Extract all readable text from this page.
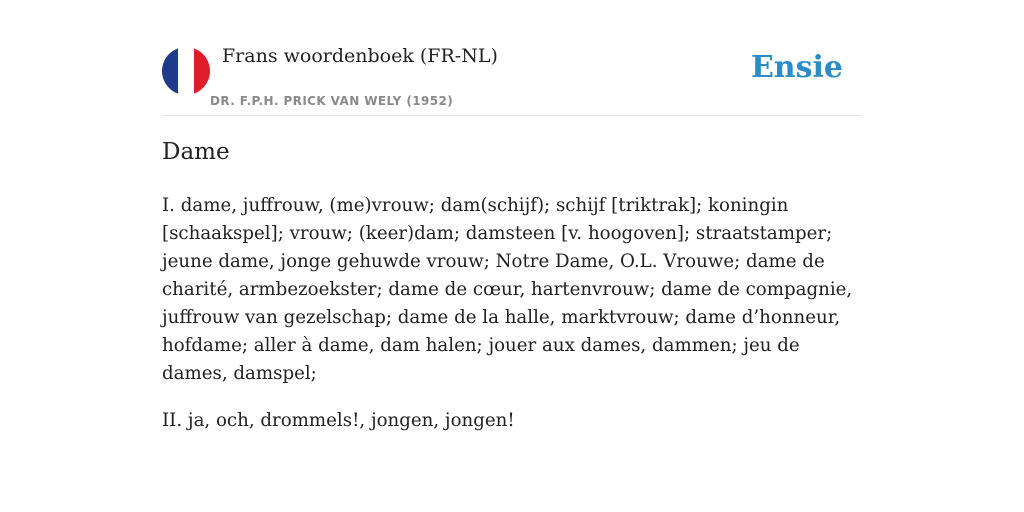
Frans woordenboek (FR-NL)
DR. F.P.H. PRICK VAN WELY (1952)
Ensie
Dame

I. dame, juffrouw, (me)vrouw; dam(schijf); schijf [triktrak]; koningin [schaakspel]; vrouw; (keer)dam; damsteen [v. hoogoven]; straatstamper; jeune dame, jonge gehuwde vrouw; Notre Dame, O.L. Vrouwe; dame de charité, armbezoekster; dame de cœur, hartenvrouw; dame de compagnie, juffrouw van gezelschap; dame de la halle, marktvrouw; dame d’honneur, hofdame; aller à dame, dam halen; jouer aux dames, dammen; jeu de dames, damspel;

II. ja, och, drommels!, jongen, jongen!
